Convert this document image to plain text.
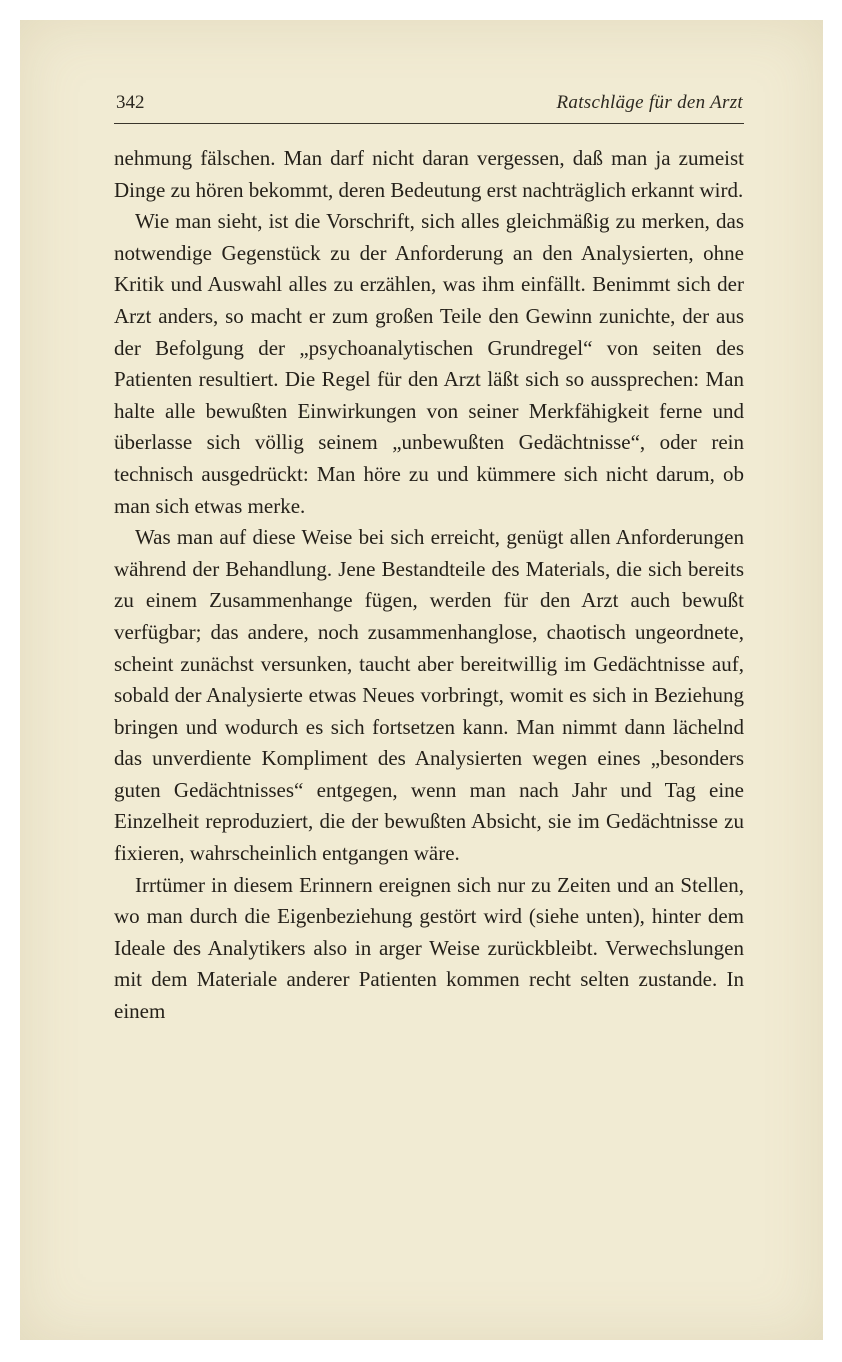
342	Ratschläge für den Arzt

nehmung fälschen. Man darf nicht daran vergessen, daß man ja zumeist Dinge zu hören bekommt, deren Bedeutung erst nachträglich erkannt wird.

Wie man sieht, ist die Vorschrift, sich alles gleichmäßig zu merken, das notwendige Gegenstück zu der Anforderung an den Analysierten, ohne Kritik und Auswahl alles zu erzählen, was ihm einfällt. Benimmt sich der Arzt anders, so macht er zum großen Teile den Gewinn zunichte, der aus der Befolgung der „psychoanalytischen Grundregel“ von seiten des Patienten resultiert. Die Regel für den Arzt läßt sich so aussprechen: Man halte alle bewußten Einwirkungen von seiner Merkfähigkeit ferne und überlasse sich völlig seinem „unbewußten Gedächtnisse“, oder rein technisch ausgedrückt: Man höre zu und kümmere sich nicht darum, ob man sich etwas merke.

Was man auf diese Weise bei sich erreicht, genügt allen Anforderungen während der Behandlung. Jene Bestandteile des Materials, die sich bereits zu einem Zusammenhange fügen, werden für den Arzt auch bewußt verfügbar; das andere, noch zusammenhanglose, chaotisch ungeordnete, scheint zunächst versunken, taucht aber bereitwillig im Gedächtnisse auf, sobald der Analysierte etwas Neues vorbringt, womit es sich in Beziehung bringen und wodurch es sich fortsetzen kann. Man nimmt dann lächelnd das unverdiente Kompliment des Analysierten wegen eines „besonders guten Gedächtnisses“ entgegen, wenn man nach Jahr und Tag eine Einzelheit reproduziert, die der bewußten Absicht, sie im Gedächtnisse zu fixieren, wahrscheinlich entgangen wäre.

Irrtümer in diesem Erinnern ereignen sich nur zu Zeiten und an Stellen, wo man durch die Eigenbeziehung gestört wird (siehe unten), hinter dem Ideale des Analytikers also in arger Weise zurückbleibt. Verwechslungen mit dem Materiale anderer Patienten kommen recht selten zustande. In einem
